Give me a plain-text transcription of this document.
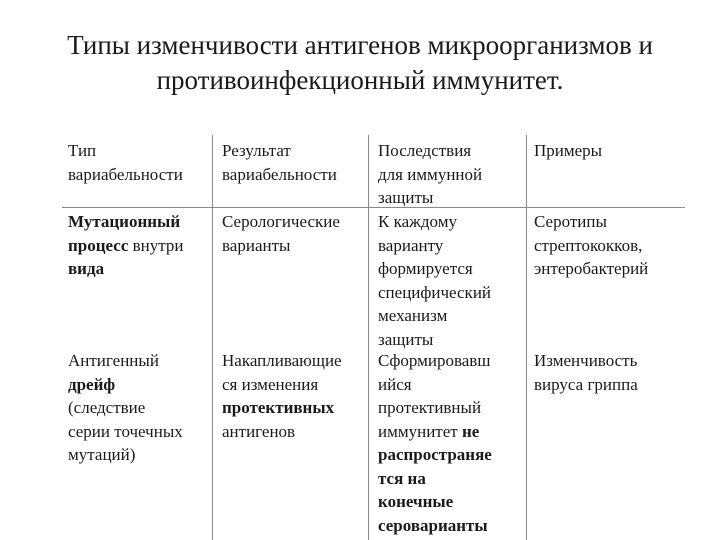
Типы изменчивости антигенов микроорганизмов и
противоинфекционный иммунитет.
Тип
вариабельности
Результат
вариабельности
Последствия
для иммунной
защиты
Примеры
Мутационный
процесс внутри
вида
Серологические
варианты
К каждому
варианту
формируется
специфический
механизм
защиты
Серотипы
стрептококков,
энтеробактерий
Антигенный
дрейф
(следствие
серии точечных
мутаций)
Накапливающие
ся изменения
протективных
антигенов
Сформировавш
ийся
протективный
иммунитет не
распространяе
тся на
конечные
сероварианты
Изменчивость
вируса гриппа
